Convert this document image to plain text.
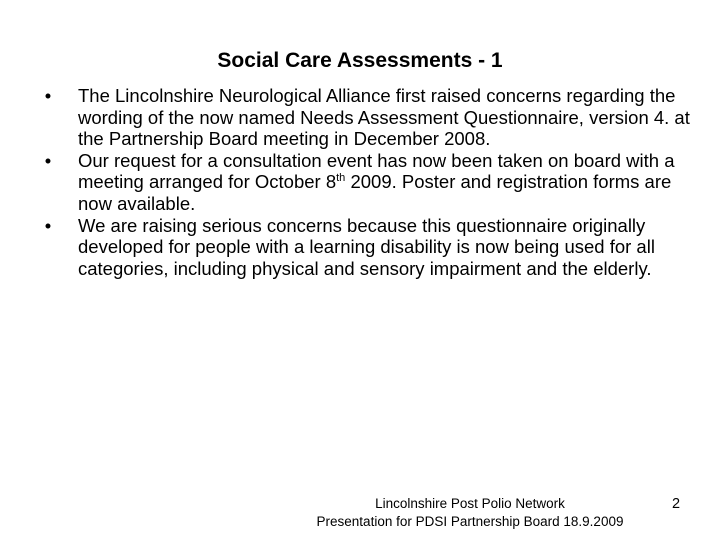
Social Care Assessments - 1
•	The Lincolnshire Neurological Alliance first raised concerns regarding the wording of the now named Needs Assessment Questionnaire, version 4. at the Partnership Board meeting in December 2008.
•	Our request for a consultation event has now been taken on board with a meeting arranged for October 8th 2009. Poster and registration forms are now available.
•	We are raising serious concerns because this questionnaire originally developed for people with a learning disability is now being used for all categories, including physical and sensory impairment and the elderly.
Lincolnshire Post Polio Network
Presentation for PDSI Partnership Board 18.9.2009
2
